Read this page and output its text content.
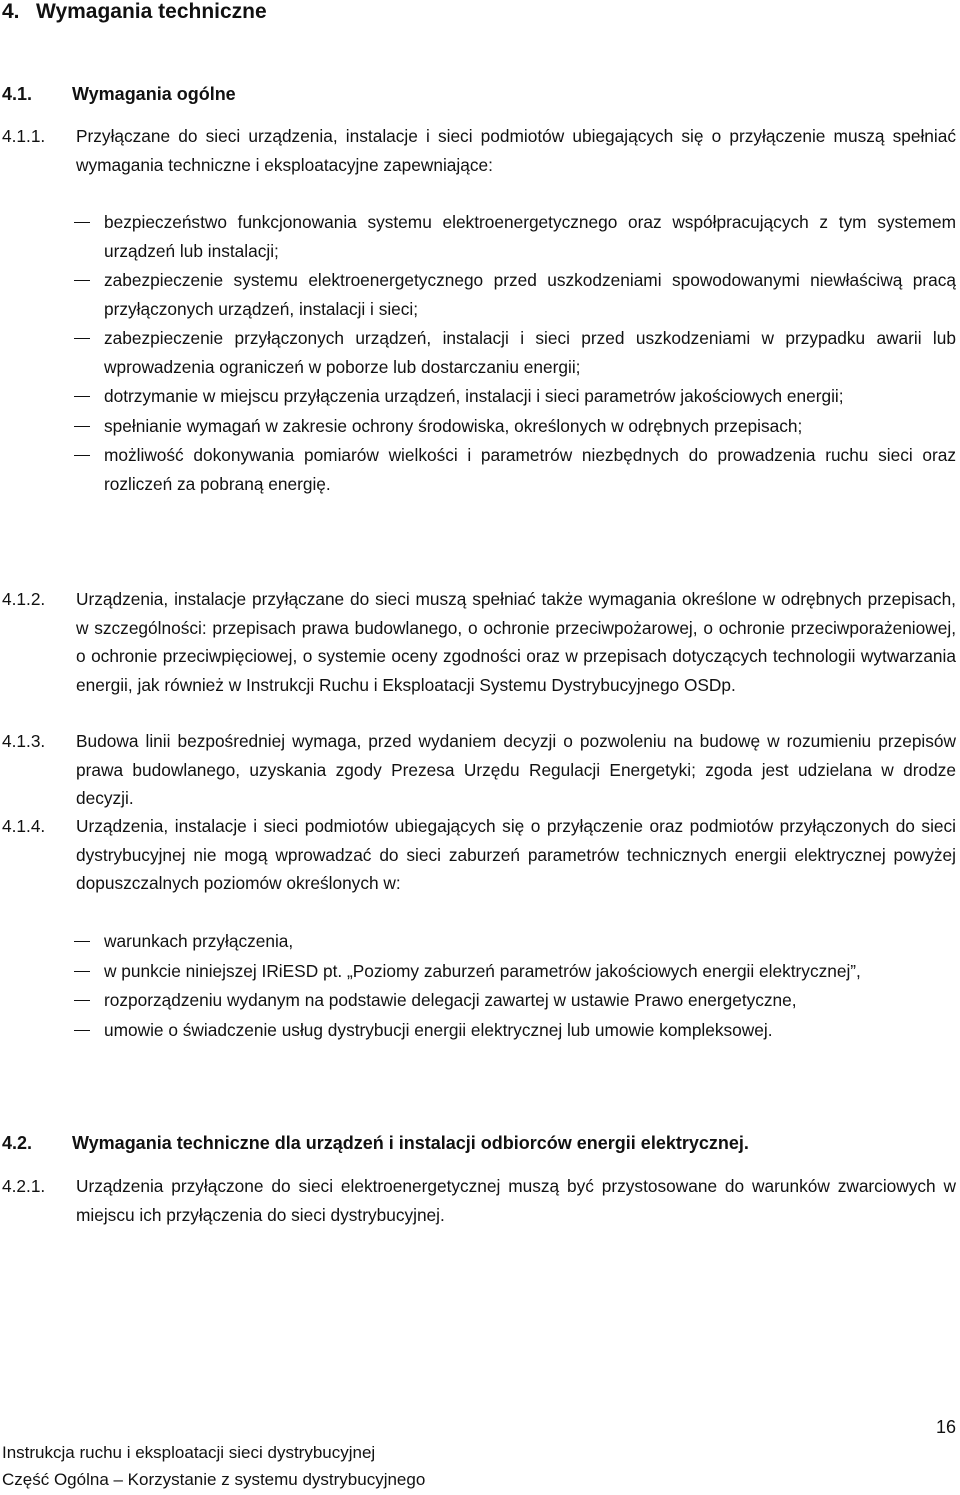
4. Wymagania techniczne
4.1. Wymagania ogólne
4.1.1. Przyłączane do sieci urządzenia, instalacje i sieci podmiotów ubiegających się o przyłączenie muszą spełniać wymagania techniczne i eksploatacyjne zapewniające:
bezpieczeństwo funkcjonowania systemu elektroenergetycznego oraz współpracujących z tym systemem urządzeń lub instalacji;
zabezpieczenie systemu elektroenergetycznego przed uszkodzeniami spowodowanymi niewłaściwą pracą przyłączonych urządzeń, instalacji i sieci;
zabezpieczenie przyłączonych urządzeń, instalacji i sieci przed uszkodzeniami w przypadku awarii lub wprowadzenia ograniczeń w poborze lub dostarczaniu energii;
dotrzymanie w miejscu przyłączenia urządzeń, instalacji i sieci parametrów jakościowych energii;
spełnianie wymagań w zakresie ochrony środowiska, określonych w odrębnych przepisach;
możliwość dokonywania pomiarów wielkości i parametrów niezbędnych do prowadzenia ruchu sieci oraz rozliczeń za pobraną energię.
4.1.2. Urządzenia, instalacje przyłączane do sieci muszą spełniać także wymagania określone w odrębnych przepisach, w szczególności: przepisach prawa budowlanego, o ochronie przeciwpożarowej, o ochronie przeciwporażeniowej, o ochronie przeciwpięciowej, o systemie oceny zgodności oraz w przepisach dotyczących technologii wytwarzania energii, jak również w Instrukcji Ruchu i Eksploatacji Systemu Dystrybucyjnego OSDp.
4.1.3. Budowa linii bezpośredniej wymaga, przed wydaniem decyzji o pozwoleniu na budowę w rozumieniu przepisów prawa budowlanego, uzyskania zgody Prezesa Urzędu Regulacji Energetyki; zgoda jest udzielana w drodze decyzji.
4.1.4. Urządzenia, instalacje i sieci podmiotów ubiegających się o przyłączenie oraz podmiotów przyłączonych do sieci dystrybucyjnej nie mogą wprowadzać do sieci zaburzeń parametrów technicznych energii elektrycznej powyżej dopuszczalnych poziomów określonych w:
warunkach przyłączenia,
w punkcie niniejszej IRiESD pt. „Poziomy zaburzeń parametrów jakościowych energii elektrycznej”,
rozporządzeniu wydanym na podstawie delegacji zawartej w ustawie Prawo energetyczne,
umowie o świadczenie usług dystrybucji energii elektrycznej lub umowie kompleksowej.
4.2. Wymagania techniczne dla urządzeń i instalacji odbiorców energii elektrycznej.
4.2.1. Urządzenia przyłączone do sieci elektroenergetycznej muszą być przystosowane do warunków zwarciowych w miejscu ich przyłączenia do sieci dystrybucyjnej.
16
Instrukcja ruchu i eksploatacji sieci dystrybucyjnej
Część Ogólna – Korzystanie z systemu dystrybucyjnego
